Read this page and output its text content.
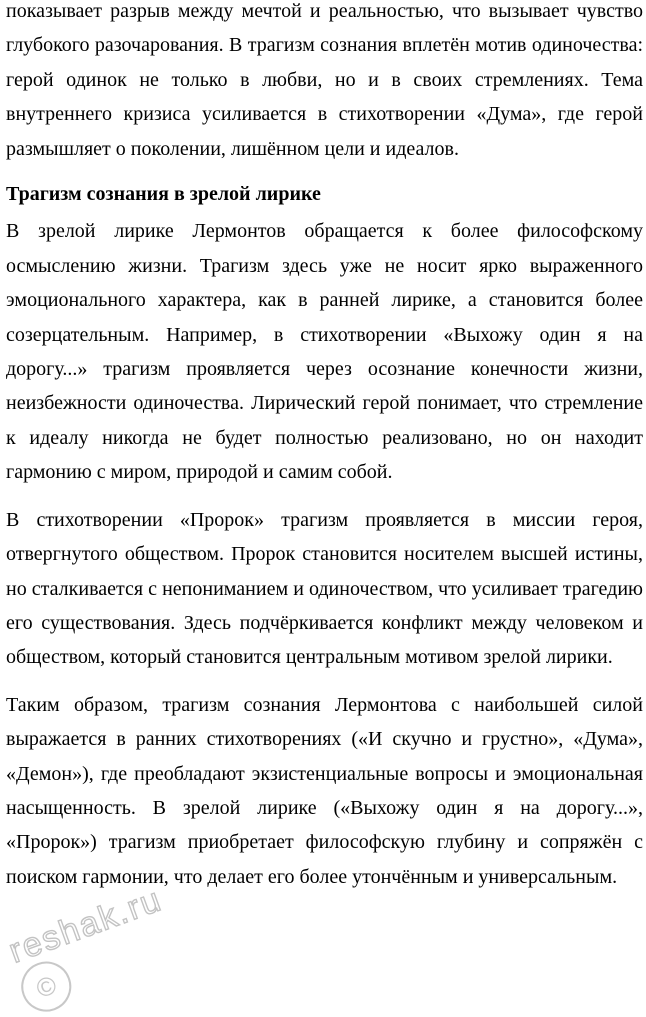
показывает разрыв между мечтой и реальностью, что вызывает чувство глубокого разочарования. В трагизм сознания вплетён мотив одиночества: герой одинок не только в любви, но и в своих стремлениях. Тема внутреннего кризиса усиливается в стихотворении «Дума», где герой размышляет о поколении, лишённом цели и идеалов.

Трагизм сознания в зрелой лирике

В зрелой лирике Лермонтов обращается к более философскому осмыслению жизни. Трагизм здесь уже не носит ярко выраженного эмоционального характера, как в ранней лирике, а становится более созерцательным. Например, в стихотворении «Выхожу один я на дорогу...» трагизм проявляется через осознание конечности жизни, неизбежности одиночества. Лирический герой понимает, что стремление к идеалу никогда не будет полностью реализовано, но он находит гармонию с миром, природой и самим собой.

В стихотворении «Пророк» трагизм проявляется в миссии героя, отвергнутого обществом. Пророк становится носителем высшей истины, но сталкивается с непониманием и одиночеством, что усиливает трагедию его существования. Здесь подчёркивается конфликт между человеком и обществом, который становится центральным мотивом зрелой лирики.

Таким образом, трагизм сознания Лермонтова с наибольшей силой выражается в ранних стихотворениях («И скучно и грустно», «Дума», «Демон»), где преобладают экзистенциальные вопросы и эмоциональная насыщенность. В зрелой лирике («Выхожу один я на дорогу...», «Пророк») трагизм приобретает философскую глубину и сопряжён с поиском гармонии, что делает его более утончённым и универсальным.

©
reshak.ru
